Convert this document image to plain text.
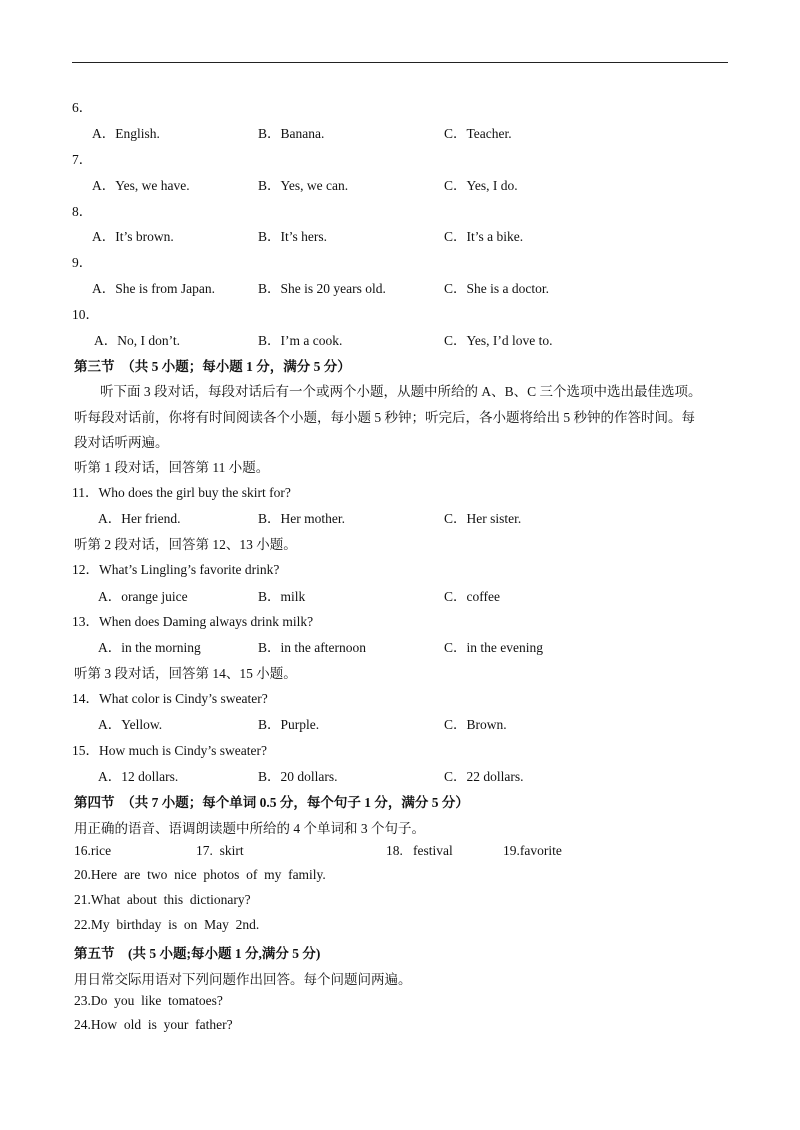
6．
A．English.	B．Banana.	C．Teacher.
7．
A．Yes, we have.	B．Yes, we can.	C．Yes, I do.
8．
A．It’s brown.	B．It’s hers.	C．It’s a bike.
9．
A．She is from Japan.	B．She is 20 years old.	C．She is a doctor.
10．
A．No, I don’t.	B．I’m a cook.	C．Yes, I’d love to.
第三节　（共 5 小题；每小题 1 分，满分 5 分）
听下面 3 段对话，每段对话后有一个或两个小题，从题中所给的 A、B、C 三个选项中选出最佳选项。
听每段对话前，你将有时间阅读各个小题，每小题 5 秒钟；听完后，各小题将给出 5 秒钟的作答时间。每
段对话听两遍。
听第 1 段对话，回答第 11 小题。
11．Who does the girl buy the skirt for?
A．Her friend.	B．Her mother.	C．Her sister.
听第 2 段对话，回答第 12、13 小题。
12．What’s Lingling’s favorite drink?
A．orange juice	B．milk	C．coffee
13．When does Daming always drink milk?
A．in the morning	B．in the afternoon	C．in the evening
听第 3 段对话，回答第 14、15 小题。
14．What color is Cindy’s sweater?
A．Yellow.	B．Purple.	C．Brown.
15．How much is Cindy’s sweater?
A．12 dollars.	B．20 dollars.	C．22 dollars.
第四节　（共 7 小题；每个单词 0.5 分，每个句子 1 分，满分 5 分）
用正确的语音、语调朗读题中所给的 4 个单词和 3 个句子。
16.rice	17.  skirt	18.   festival	19.favorite
20.Here  are  two  nice  photos  of  my  family.
21.What  about  this  dictionary?
22.My  birthday  is  on  May  2nd.
第五节　(共 5 小题;每小题 1 分,满分 5 分)
用日常交际用语对下列问题作出回答。每个问题问两遍。
23.Do  you  like  tomatoes?
24.How  old  is  your  father?
